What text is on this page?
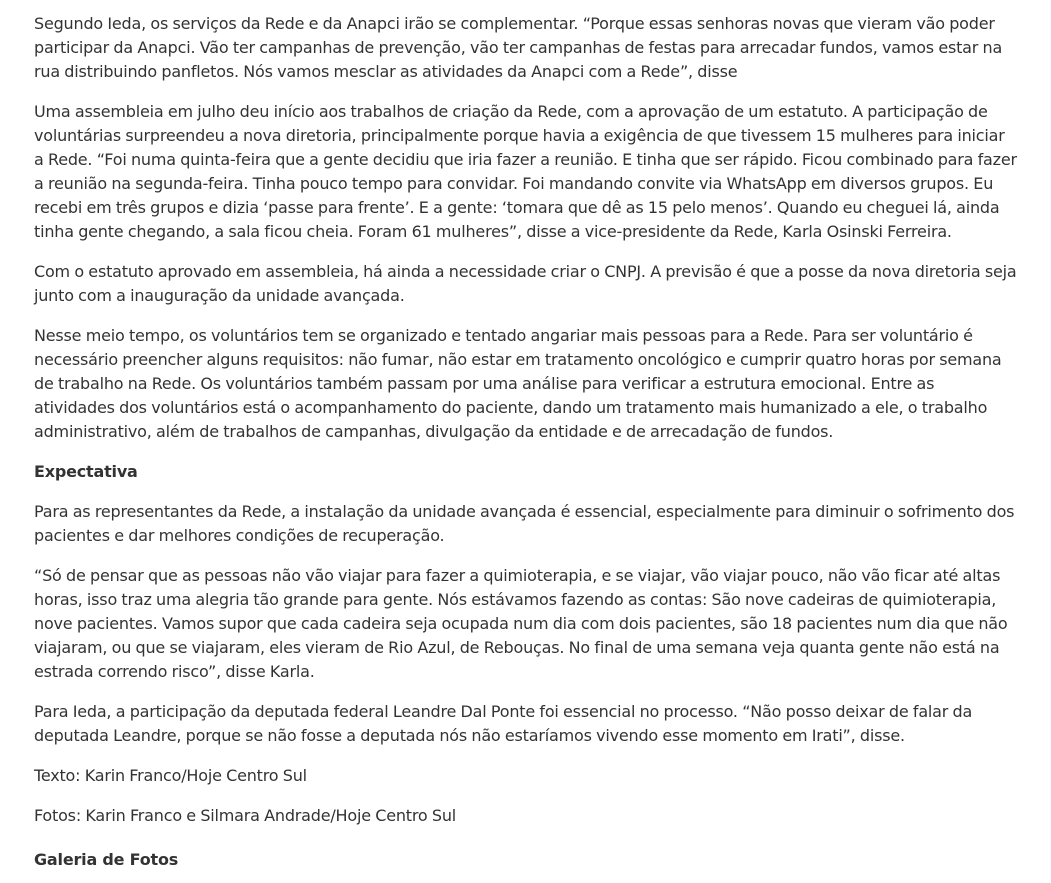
Segundo Ieda, os serviços da Rede e da Anapci irão se complementar. “Porque essas senhoras novas que vieram vão poder participar da Anapci. Vão ter campanhas de prevenção, vão ter campanhas de festas para arrecadar fundos, vamos estar na rua distribuindo panfletos. Nós vamos mesclar as atividades da Anapci com a Rede”, disse

Uma assembleia em julho deu início aos trabalhos de criação da Rede, com a aprovação de um estatuto. A participação de voluntárias surpreendeu a nova diretoria, principalmente porque havia a exigência de que tivessem 15 mulheres para iniciar a Rede. “Foi numa quinta-feira que a gente decidiu que iria fazer a reunião. E tinha que ser rápido. Ficou combinado para fazer a reunião na segunda-feira. Tinha pouco tempo para convidar. Foi mandando convite via WhatsApp em diversos grupos. Eu recebi em três grupos e dizia ‘passe para frente’. E a gente: ‘tomara que dê as 15 pelo menos’. Quando eu cheguei lá, ainda tinha gente chegando, a sala ficou cheia. Foram 61 mulheres”, disse a vice-presidente da Rede, Karla Osinski Ferreira.

Com o estatuto aprovado em assembleia, há ainda a necessidade criar o CNPJ. A previsão é que a posse da nova diretoria seja junto com a inauguração da unidade avançada.

Nesse meio tempo, os voluntários tem se organizado e tentado angariar mais pessoas para a Rede. Para ser voluntário é necessário preencher alguns requisitos: não fumar, não estar em tratamento oncológico e cumprir quatro horas por semana de trabalho na Rede. Os voluntários também passam por uma análise para verificar a estrutura emocional. Entre as atividades dos voluntários está o acompanhamento do paciente, dando um tratamento mais humanizado a ele, o trabalho administrativo, além de trabalhos de campanhas, divulgação da entidade e de arrecadação de fundos.

Expectativa

Para as representantes da Rede, a instalação da unidade avançada é essencial, especialmente para diminuir o sofrimento dos pacientes e dar melhores condições de recuperação.

“Só de pensar que as pessoas não vão viajar para fazer a quimioterapia, e se viajar, vão viajar pouco, não vão ficar até altas horas, isso traz uma alegria tão grande para gente. Nós estávamos fazendo as contas: São nove cadeiras de quimioterapia, nove pacientes. Vamos supor que cada cadeira seja ocupada num dia com dois pacientes, são 18 pacientes num dia que não viajaram, ou que se viajaram, eles vieram de Rio Azul, de Rebouças. No final de uma semana veja quanta gente não está na estrada correndo risco”, disse Karla.

Para Ieda, a participação da deputada federal Leandre Dal Ponte foi essencial no processo. “Não posso deixar de falar da deputada Leandre, porque se não fosse a deputada nós não estaríamos vivendo esse momento em Irati”, disse.

Texto: Karin Franco/Hoje Centro Sul

Fotos: Karin Franco e Silmara Andrade/Hoje Centro Sul

Galeria de Fotos
